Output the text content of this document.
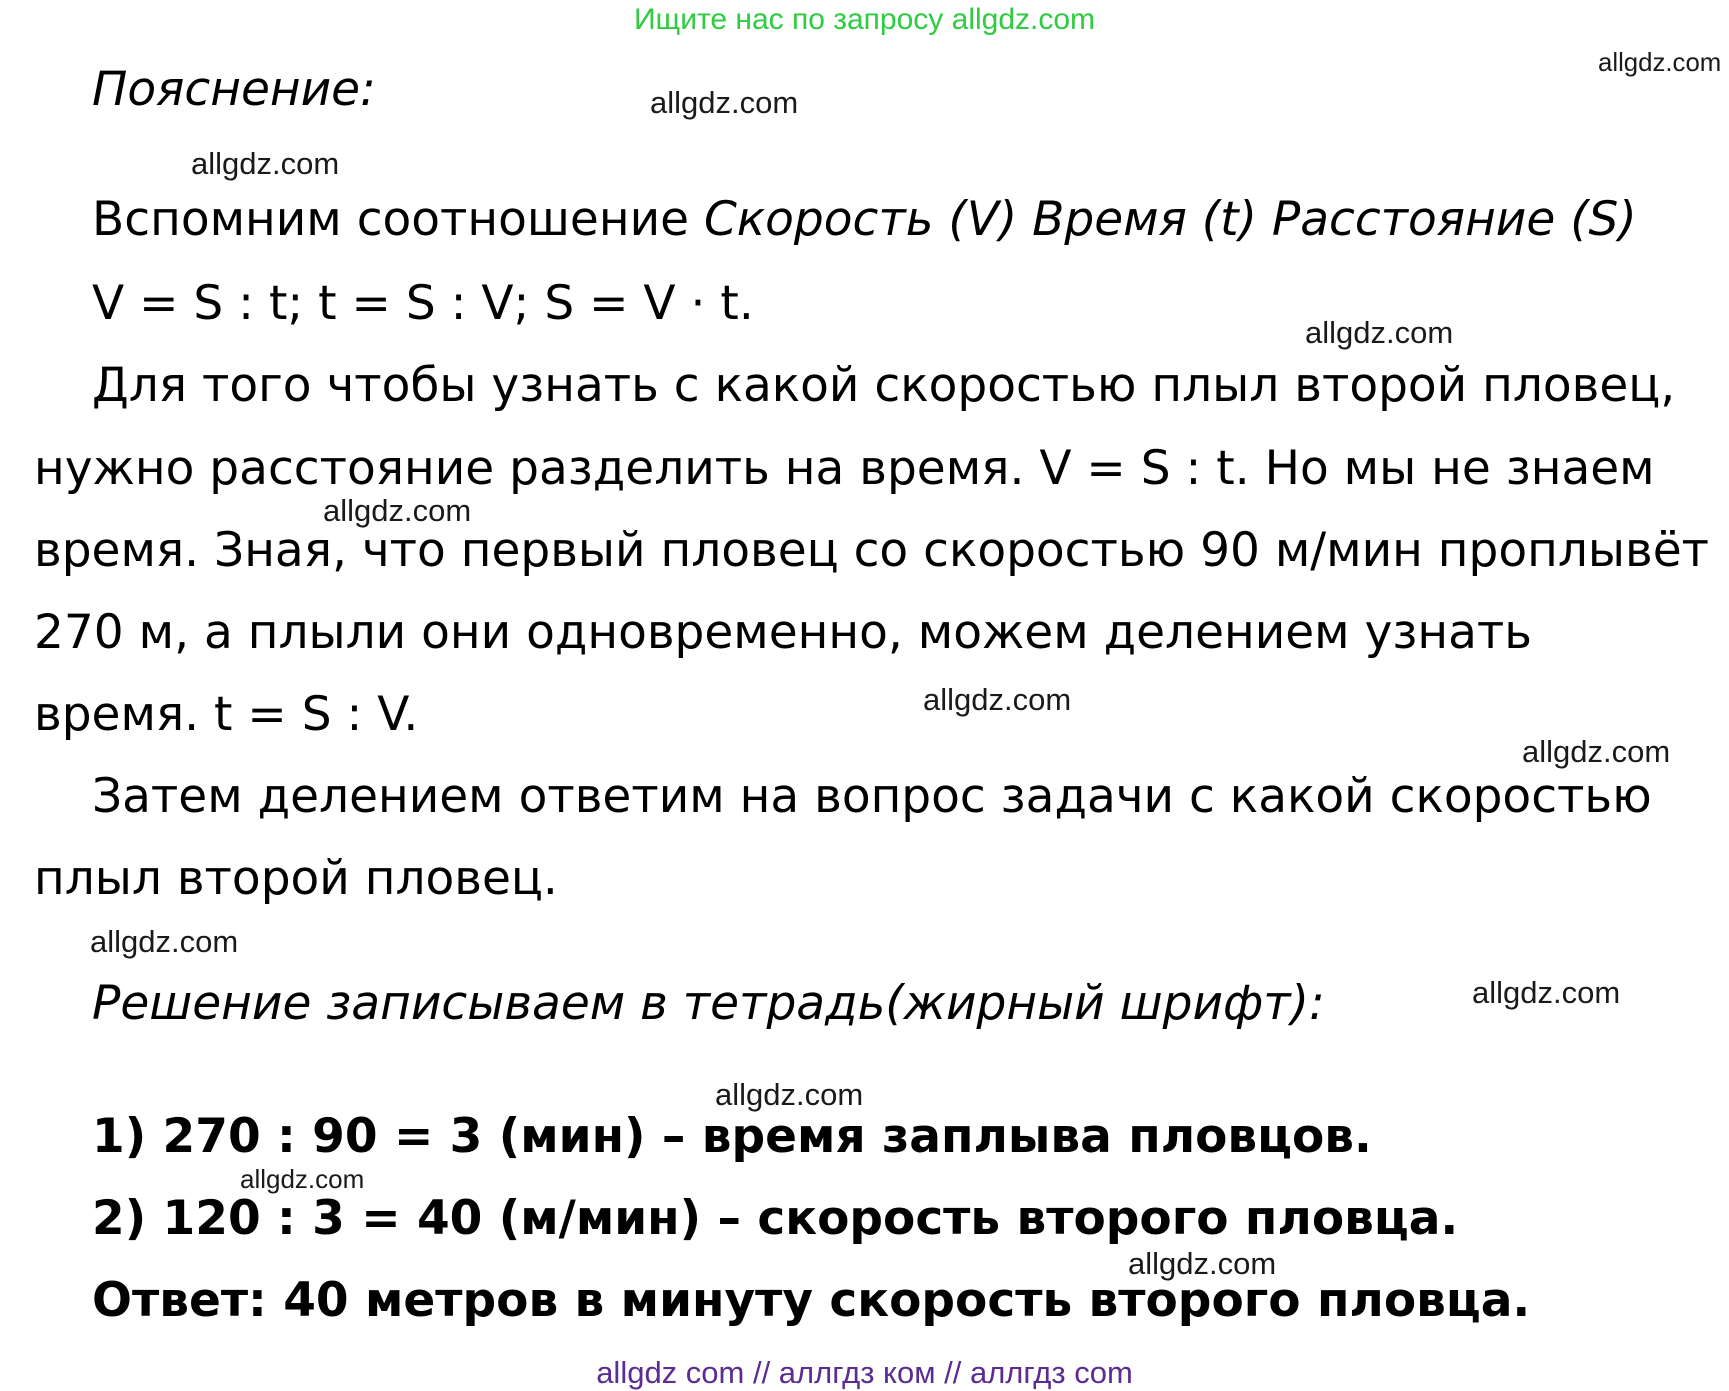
Ищите нас по запросу allgdz.com
Пояснение:
Вспомним соотношение Скорость (V) Время (t) Расстояние (S)
V = S : t; t = S : V; S = V · t.
Для того чтобы узнать с какой скоростью плыл второй пловец,
нужно расстояние разделить на время. V = S : t. Но мы не знаем
время. Зная, что первый пловец со скоростью 90 м/мин проплывёт
270 м, а плыли они одновременно, можем делением узнать
время. t = S : V.
Затем делением ответим на вопрос задачи с какой скоростью
плыл второй пловец.
Решение записываем в тетрадь(жирный шрифт):
1) 270 : 90 = 3 (мин) – время заплыва пловцов.
2) 120 : 3 = 40 (м/мин) – скорость второго пловца.
Ответ: 40 метров в минуту скорость второго пловца.
allgdz.com
allgdz.com
allgdz.com
allgdz.com
allgdz.com
allgdz.com
allgdz.com
allgdz.com
allgdz.com
allgdz.com
allgdz.com
allgdz.com
allgdz com // аллгдз ком // аллгдз com
